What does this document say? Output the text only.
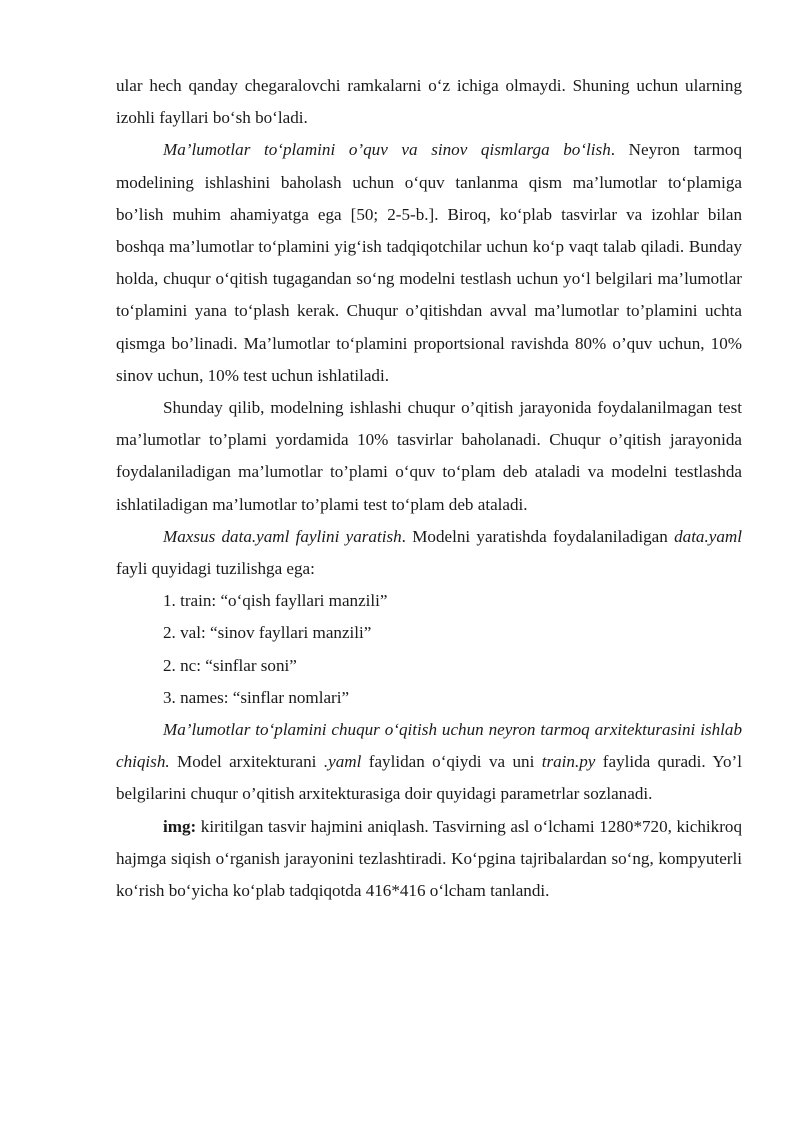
ular hech qanday chegaralovchi ramkalarni o‘z ichiga olmaydi. Shuning uchun ularning izohli fayllari bo‘sh bo‘ladi.

Ma’lumotlar to‘plamini o’quv va sinov qismlarga bo‘lish. Neyron tarmoq modelining ishlashini baholash uchun o‘quv tanlanma qism ma’lumotlar to‘plamiga bo’lish muhim ahamiyatga ega [50; 2-5-b.]. Biroq, ko‘plab tasvirlar va izohlar bilan boshqa ma’lumotlar to‘plamini yig‘ish tadqiqotchilar uchun ko‘p vaqt talab qiladi. Bunday holda, chuqur o‘qitish tugagandan so‘ng modelni testlash uchun yo‘l belgilari ma’lumotlar to‘plamini yana to‘plash kerak. Chuqur o’qitishdan avval ma’lumotlar to’plamini uchta qismga bo’linadi. Ma’lumotlar to‘plamini proportsional ravishda 80% o’quv uchun, 10% sinov uchun, 10% test uchun ishlatiladi.

Shunday qilib, modelning ishlashi chuqur o’qitish jarayonida foydalanilmagan test ma’lumotlar to’plami yordamida 10% tasvirlar baholanadi. Chuqur o’qitish jarayonida foydalaniladigan ma’lumotlar to’plami o‘quv to‘plam deb ataladi va modelni testlashda ishlatiladigan ma’lumotlar to’plami test to‘plam deb ataladi.

Maxsus data.yaml faylini yaratish. Modelni yaratishda foydalaniladigan data.yaml fayli quyidagi tuzilishga ega:

1. train: “o‘qish fayllari manzili”

2. val: “sinov fayllari manzili”

2. nc: “sinflar soni”

3. names: “sinflar nomlari”

Ma’lumotlar to‘plamini chuqur o‘qitish uchun neyron tarmoq arxitekturasini ishlab chiqish. Model arxitekturani .yaml faylidan o‘qiydi va uni train.py faylida quradi. Yo’l belgilarini chuqur o’qitish arxitekturasiga doir quyidagi parametrlar sozlanadi.

img: kiritilgan tasvir hajmini aniqlash. Tasvirning asl o‘lchami 1280*720, kichikroq hajmga siqish o‘rganish jarayonini tezlashtiradi. Ko‘pgina tajribalardan so‘ng, kompyuterli ko‘rish bo‘yicha ko‘plab tadqiqotda 416*416 o‘lcham tanlandi.
